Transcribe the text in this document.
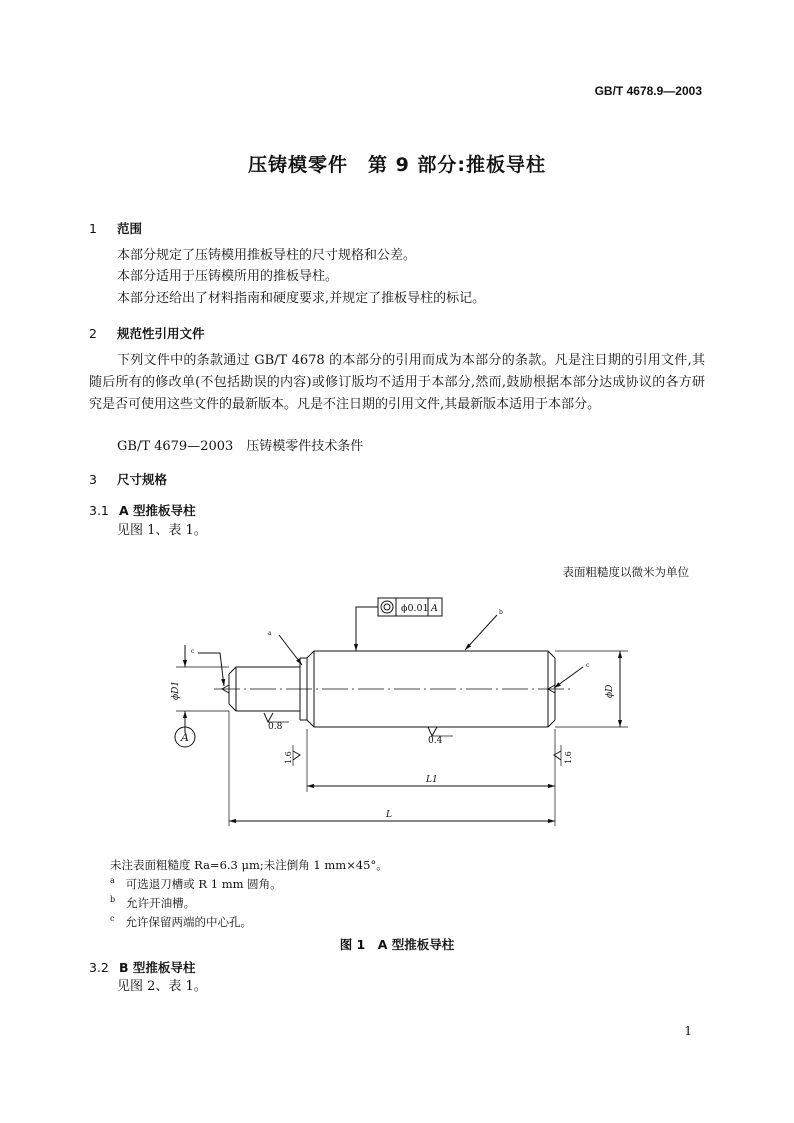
GB/T 4678.9—2003
压铸模零件　第 9 部分:推板导柱
1 范围
本部分规定了压铸模用推板导柱的尺寸规格和公差。
本部分适用于压铸模所用的推板导柱。
本部分还给出了材料指南和硬度要求,并规定了推板导柱的标记。
2 规范性引用文件
下列文件中的条款通过 GB/T 4678 的本部分的引用而成为本部分的条款。凡是注日期的引用文件,其随后所有的修改单(不包括勘误的内容)或修订版均不适用于本部分,然而,鼓励根据本部分达成协议的各方研究是否可使用这些文件的最新版本。凡是不注日期的引用文件,其最新版本适用于本部分。
GB/T 4679—2003　压铸模零件技术条件
3 尺寸规格
3.1 A 型推板导柱
见图 1、表 1。
表面粗糙度以微米为单位
ϕ0.01 A
a
b
c
c
A
0.8
0.4
L1
L
ϕD1	ϕD
1.6	1.6
未注表面粗糙度 Ra=6.3 μm;未注倒角 1 mm×45°。
$^a$ 可选退刀槽或 R 1 mm 圆角。
$^b$ 允许开油槽。
$^c$ 允许保留两端的中心孔。
图 1　A 型推板导柱
3.2 B 型推板导柱
见图 2、表 1。
1
